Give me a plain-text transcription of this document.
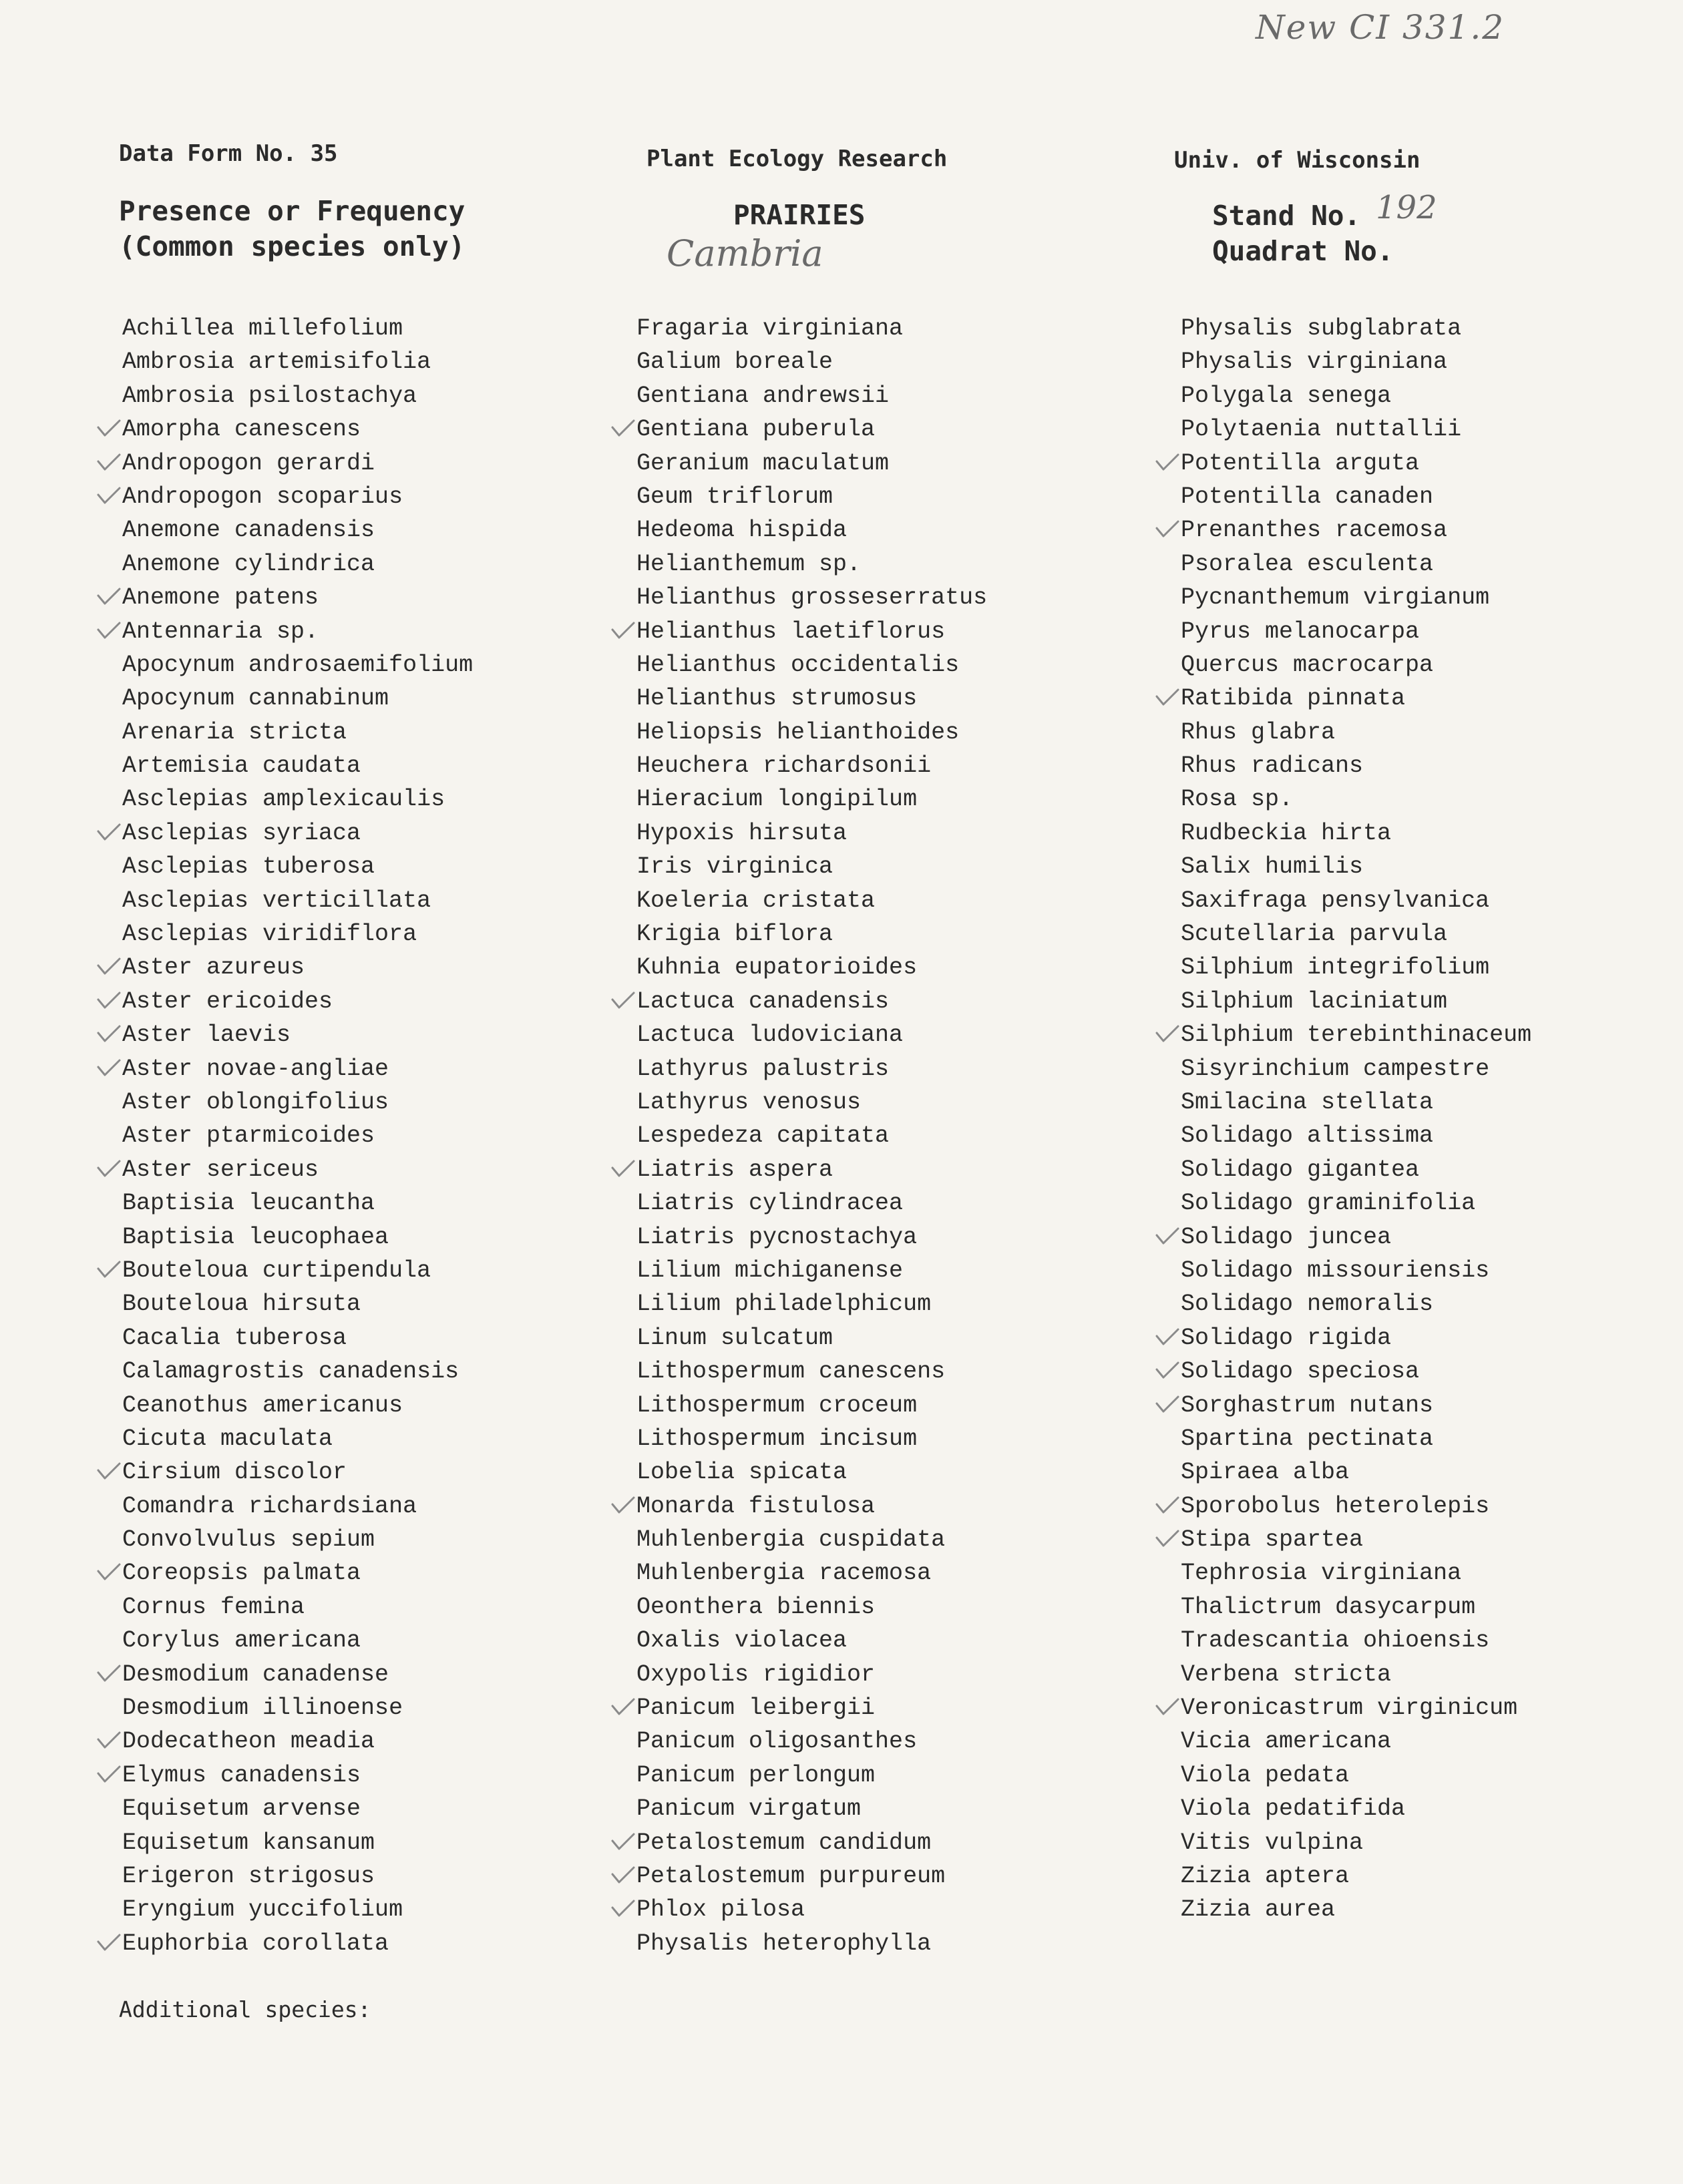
New CI 331.2
Data Form No. 35	Plant Ecology Research	Univ. of Wisconsin
Presence or Frequency
(Common species only)
PRAIRIES	Stand No.
Quadrat No.
192
Cambria
Achillea millefolium
Ambrosia artemisifolia
Ambrosia psilostachya
Amorpha canescens
Andropogon gerardi
Andropogon scoparius
Anemone canadensis
Anemone cylindrica
Anemone patens
Antennaria sp.
Apocynum androsaemifolium
Apocynum cannabinum
Arenaria stricta
Artemisia caudata
Asclepias amplexicaulis
Asclepias syriaca
Asclepias tuberosa
Asclepias verticillata
Asclepias viridiflora
Aster azureus
Aster ericoides
Aster laevis
Aster novae-angliae
Aster oblongifolius
Aster ptarmicoides
Aster sericeus
Baptisia leucantha
Baptisia leucophaea
Bouteloua curtipendula
Bouteloua hirsuta
Cacalia tuberosa
Calamagrostis canadensis
Ceanothus americanus
Cicuta maculata
Cirsium discolor
Comandra richardsiana
Convolvulus sepium
Coreopsis palmata
Cornus femina
Corylus americana
Desmodium canadense
Desmodium illinoense
Dodecatheon meadia
Elymus canadensis
Equisetum arvense
Equisetum kansanum
Erigeron strigosus
Eryngium yuccifolium
Euphorbia corollata
Fragaria virginiana
Galium boreale
Gentiana andrewsii
Gentiana puberula
Geranium maculatum
Geum triflorum
Hedeoma hispida
Helianthemum sp.
Helianthus grosseserratus
Helianthus laetiflorus
Helianthus occidentalis
Helianthus strumosus
Heliopsis helianthoides
Heuchera richardsonii
Hieracium longipilum
Hypoxis hirsuta
Iris virginica
Koeleria cristata
Krigia biflora
Kuhnia eupatorioides
Lactuca canadensis
Lactuca ludoviciana
Lathyrus palustris
Lathyrus venosus
Lespedeza capitata
Liatris aspera
Liatris cylindracea
Liatris pycnostachya
Lilium michiganense
Lilium philadelphicum
Linum sulcatum
Lithospermum canescens
Lithospermum croceum
Lithospermum incisum
Lobelia spicata
Monarda fistulosa
Muhlenbergia cuspidata
Muhlenbergia racemosa
Oeonthera biennis
Oxalis violacea
Oxypolis rigidior
Panicum leibergii
Panicum oligosanthes
Panicum perlongum
Panicum virgatum
Petalostemum candidum
Petalostemum purpureum
Phlox pilosa
Physalis heterophylla
Physalis subglabrata
Physalis virginiana
Polygala senega
Polytaenia nuttallii
Potentilla arguta
Potentilla canaden
Prenanthes racemosa
Psoralea esculenta
Pycnanthemum virgianum
Pyrus melanocarpa
Quercus macrocarpa
Ratibida pinnata
Rhus glabra
Rhus radicans
Rosa sp.
Rudbeckia hirta
Salix humilis
Saxifraga pensylvanica
Scutellaria parvula
Silphium integrifolium
Silphium laciniatum
Silphium terebinthinaceum
Sisyrinchium campestre
Smilacina stellata
Solidago altissima
Solidago gigantea
Solidago graminifolia
Solidago juncea
Solidago missouriensis
Solidago nemoralis
Solidago rigida
Solidago speciosa
Sorghastrum nutans
Spartina pectinata
Spiraea alba
Sporobolus heterolepis
Stipa spartea
Tephrosia virginiana
Thalictrum dasycarpum
Tradescantia ohioensis
Verbena stricta
Veronicastrum virginicum
Vicia americana
Viola pedata
Viola pedatifida
Vitis vulpina
Zizia aptera
Zizia aurea
Additional species:
